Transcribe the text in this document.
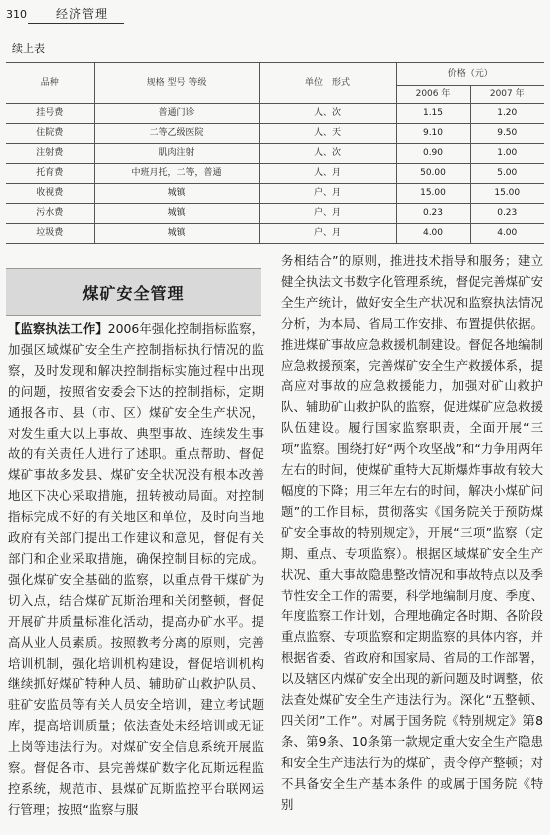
310 经济管理
续上表
品种	规格 型号 等级	单位　形式	价格（元）	
			2006 年	2007 年
挂号费	普通门诊	人、次	1.15	1.20
住院费	二等乙级医院	人、天	9.10	9.50
注射费	肌肉注射	人、次	0.90	1.00
托育费	中班月托，二等，普通	人、月	50.00	5.00
收视费	城镇	户、月	15.00	15.00
污水费	城镇	户、月	0.23	0.23
垃圾费	城镇	户、月	4.00	4.00
煤矿安全管理

【监察执法工作】2006年强化控制指标监察，加强区域煤矿安全生产控制指标执行情况的监察，及时发现和解决控制指标实施过程中出现的问题，按照省安委会下达的控制指标，定期通报各市、县（市、区）煤矿安全生产状况，对发生重大以上事故、典型事故、连续发生事故的有关责任人进行了述职。重点帮助、督促煤矿事故多发县、煤矿安全状况没有根本改善地区下决心采取措施，扭转被动局面。对控制指标完成不好的有关地区和单位，及时向当地政府有关部门提出工作建议和意见，督促有关部门和企业采取措施，确保控制目标的完成。强化煤矿安全基础的监察，以重点骨干煤矿为切入点，结合煤矿瓦斯治理和关闭整顿，督促开展矿井质量标准化活动，提高办矿水平。提高从业人员素质。按照教考分离的原则，完善培训机制，强化培训机构建设，督促培训机构继续抓好煤矿特种人员、辅助矿山救护队员、驻矿安监员等有关人员安全培训，建立考试题库，提高培训质量；依法查处未经培训或无证上岗等违法行为。对煤矿安全信息系统开展监察。督促各市、县完善煤矿数字化瓦斯远程监控系统，规范市、县煤矿瓦斯监控平台联网运行管理；按照“监察与服

务相结合”的原则，推进技术指导和服务；建立健全执法文书数字化管理系统，督促完善煤矿安全生产统计，做好安全生产状况和监察执法情况分析，为本局、省局工作安排、布置提供依据。推进煤矿事故应急救援机制建设。督促各地编制应急救援预案，完善煤矿安全生产救援体系，提高应对事故的应急救援能力，加强对矿山救护队、辅助矿山救护队的监察，促进煤矿应急救援队伍建设。履行国家监察职责，全面开展“三项”监察。围绕打好“两个攻坚战”和“力争用两年左右的时间，使煤矿重特大瓦斯爆炸事故有较大幅度的下降；用三年左右的时间，解决小煤矿问题”的工作目标，贯彻落实《国务院关于预防煤矿安全事故的特别规定》，开展“三项”监察（定期、重点、专项监察）。根据区域煤矿安全生产状况、重大事故隐患整改情况和事故特点以及季节性安全工作的需要，科学地编制月度、季度、年度监察工作计划，合理地确定各时期、各阶段重点监察、专项监察和定期监察的具体内容，并根据省委、省政府和国家局、省局的工作部署，以及辖区内煤矿安全出现的新问题及时调整，依法查处煤矿安全生产违法行为。深化“五整顿、四关闭”工作”。对属于国务院《特别规定》第8条、第9条、10条第一款规定重大安全生产隐患和安全生产违法行为的煤矿，责令停产整顿；对不具备安全生产基本条件 的或属于国务院《特别
